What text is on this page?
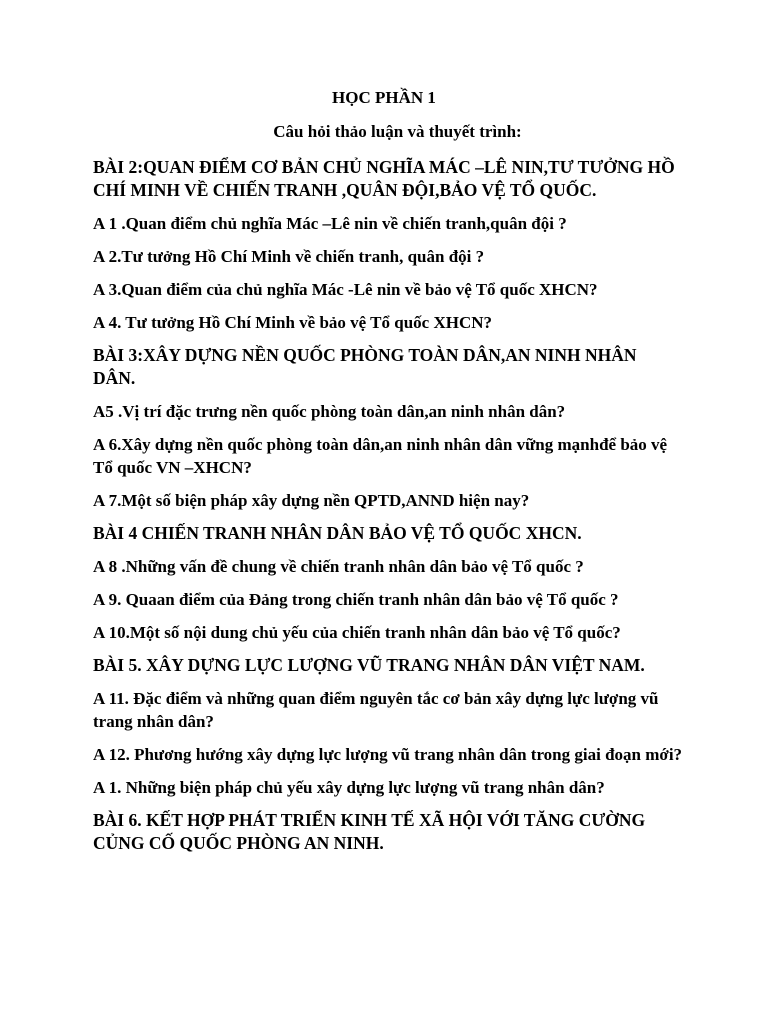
HỌC PHẦN 1
Câu hỏi thảo luận và thuyết trình:

BÀI 2:QUAN ĐIỂM CƠ BẢN CHỦ NGHĨA MÁC –LÊ NIN,TƯ TƯỞNG HỒ CHÍ MINH VỀ CHIẾN TRANH ,QUÂN ĐỘI,BẢO VỆ TỔ QUỐC.

A 1 .Quan điểm chủ nghĩa Mác –Lê nin về chiến tranh,quân đội ?

A 2.Tư tưởng Hồ Chí Minh về chiến tranh, quân đội ?

A 3.Quan điểm của chủ nghĩa Mác -Lê nin về bảo vệ Tổ quốc XHCN?

A 4. Tư tưởng Hồ Chí Minh về bảo vệ Tổ quốc XHCN?

BÀI 3:XÂY DỰNG NỀN QUỐC PHÒNG TOÀN DÂN,AN NINH NHÂN DÂN.

A5 .Vị trí đặc trưng nền quốc phòng toàn dân,an ninh nhân dân?

A 6.Xây dựng nền quốc phòng toàn dân,an ninh nhân dân vững mạnhđể bảo vệ Tổ quốc VN –XHCN?

A 7.Một số biện pháp xây dựng nền QPTD,ANND hiện nay?

BÀI 4 CHIẾN TRANH NHÂN DÂN BẢO VỆ TỔ QUỐC XHCN.

A 8 .Những vấn đề chung về chiến tranh nhân dân bảo vệ Tổ quốc ?

A 9. Quaan điểm của Đảng trong chiến tranh nhân dân bảo vệ Tổ quốc ?

A 10.Một số nội dung chủ yếu của chiến tranh nhân dân bảo vệ Tổ quốc?

BÀI 5. XÂY DỰNG LỰC LƯỢNG VŨ TRANG NHÂN DÂN VIỆT NAM.

A 11. Đặc điểm và những quan điểm nguyên tắc cơ bản xây dựng lực lượng vũ trang nhân dân?

A 12. Phương hướng xây dựng lực lượng vũ trang nhân dân trong giai đoạn mới?

A 1. Những biện pháp chủ yếu xây dựng lực lượng vũ trang nhân dân?

BÀI 6. KẾT HỢP PHÁT TRIỂN KINH TẾ XÃ HỘI VỚI TĂNG CƯỜNG CỦNG CỐ QUỐC PHÒNG AN NINH.
